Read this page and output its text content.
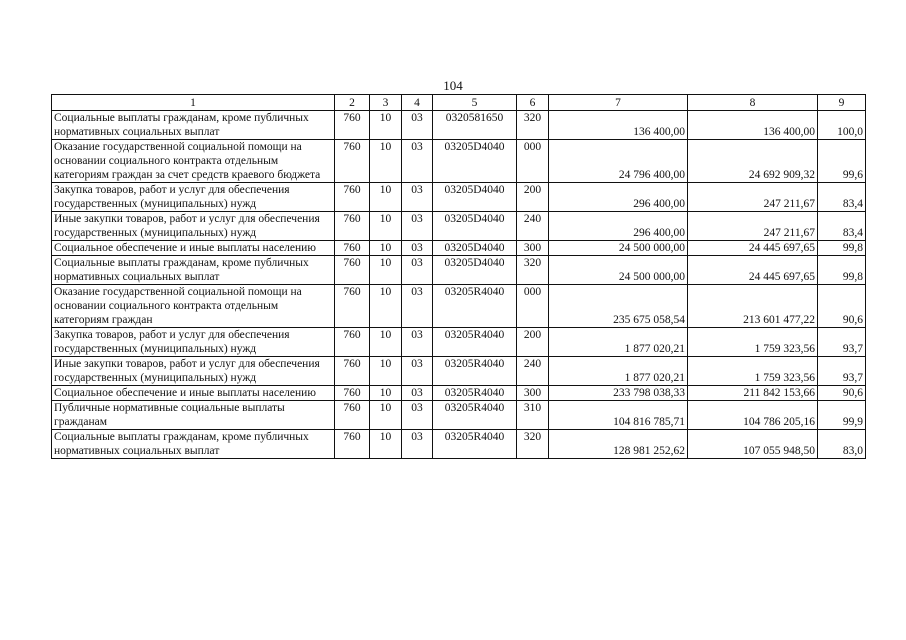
104
1	2	3	4	5	6	7	8	9
Социальные выплаты гражданам, кроме публичных нормативных социальных выплат	760	10	03	0320581650	320	136 400,00	136 400,00	100,0
Оказание государственной социальной помощи на основании социального контракта отдельным категориям граждан за счет средств краевого бюджета	760	10	03	03205D4040	000	24 796 400,00	24 692 909,32	99,6
Закупка товаров, работ и услуг для обеспечения государственных (муниципальных) нужд	760	10	03	03205D4040	200	296 400,00	247 211,67	83,4
Иные закупки товаров, работ и услуг для обеспечения государственных (муниципальных) нужд	760	10	03	03205D4040	240	296 400,00	247 211,67	83,4
Социальное обеспечение и иные выплаты населению	760	10	03	03205D4040	300	24 500 000,00	24 445 697,65	99,8
Социальные выплаты гражданам, кроме публичных нормативных социальных выплат	760	10	03	03205D4040	320	24 500 000,00	24 445 697,65	99,8
Оказание государственной социальной помощи на основании социального контракта отдельным категориям граждан	760	10	03	03205R4040	000	235 675 058,54	213 601 477,22	90,6
Закупка товаров, работ и услуг для обеспечения государственных (муниципальных) нужд	760	10	03	03205R4040	200	1 877 020,21	1 759 323,56	93,7
Иные закупки товаров, работ и услуг для обеспечения государственных (муниципальных) нужд	760	10	03	03205R4040	240	1 877 020,21	1 759 323,56	93,7
Социальное обеспечение и иные выплаты населению	760	10	03	03205R4040	300	233 798 038,33	211 842 153,66	90,6
Публичные нормативные социальные выплаты гражданам	760	10	03	03205R4040	310	104 816 785,71	104 786 205,16	99,9
Социальные выплаты гражданам, кроме публичных нормативных социальных выплат	760	10	03	03205R4040	320	128 981 252,62	107 055 948,50	83,0
